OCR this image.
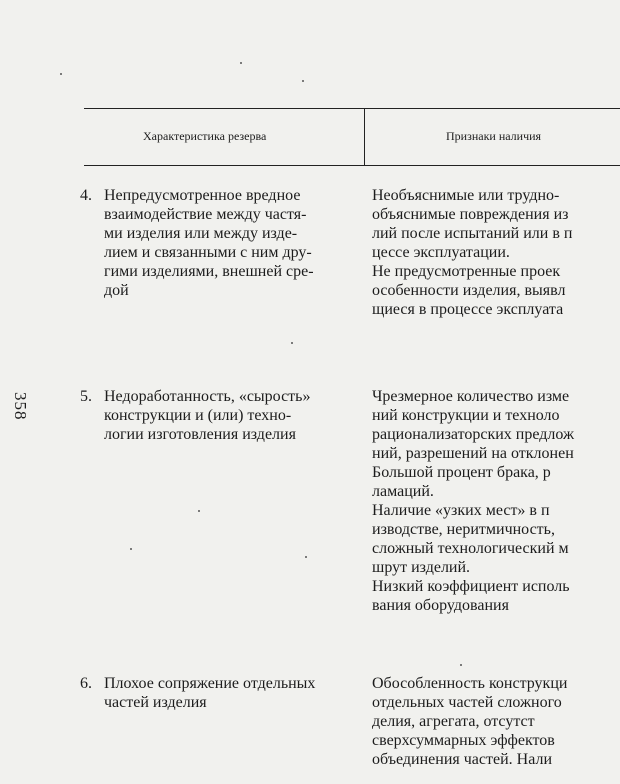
358
Характеристика резерва	Признаки наличия
4. Непредусмотренное вредное
взаимодействие между частя-
ми изделия или между изде-
лием и связанными с ним дру-
гими изделиями, внешней сре-
дой
Необъяснимые или трудно-
объяснимые повреждения из
лий после испытаний или в п
цессе эксплуатации.
Не предусмотренные проек
особенности изделия, выявл
щиеся в процессе эксплуата
5. Недоработанность, «сырость»
конструкции и (или) техно-
логии изготовления изделия
Чрезмерное количество изме
ний конструкции и техноло
рационализаторских предлож
ний, разрешений на отклонен
Большой процент брака, р
ламаций.
Наличие «узких мест» в п
изводстве, неритмичность,
сложный технологический м
шрут изделий.
Низкий коэффициент исполь
вания оборудования
6. Плохое сопряжение отдельных
частей изделия
Обособленность конструкци
отдельных частей сложного
делия, агрегата, отсутст
сверхсуммарных эффектов
объединения частей. Нали
